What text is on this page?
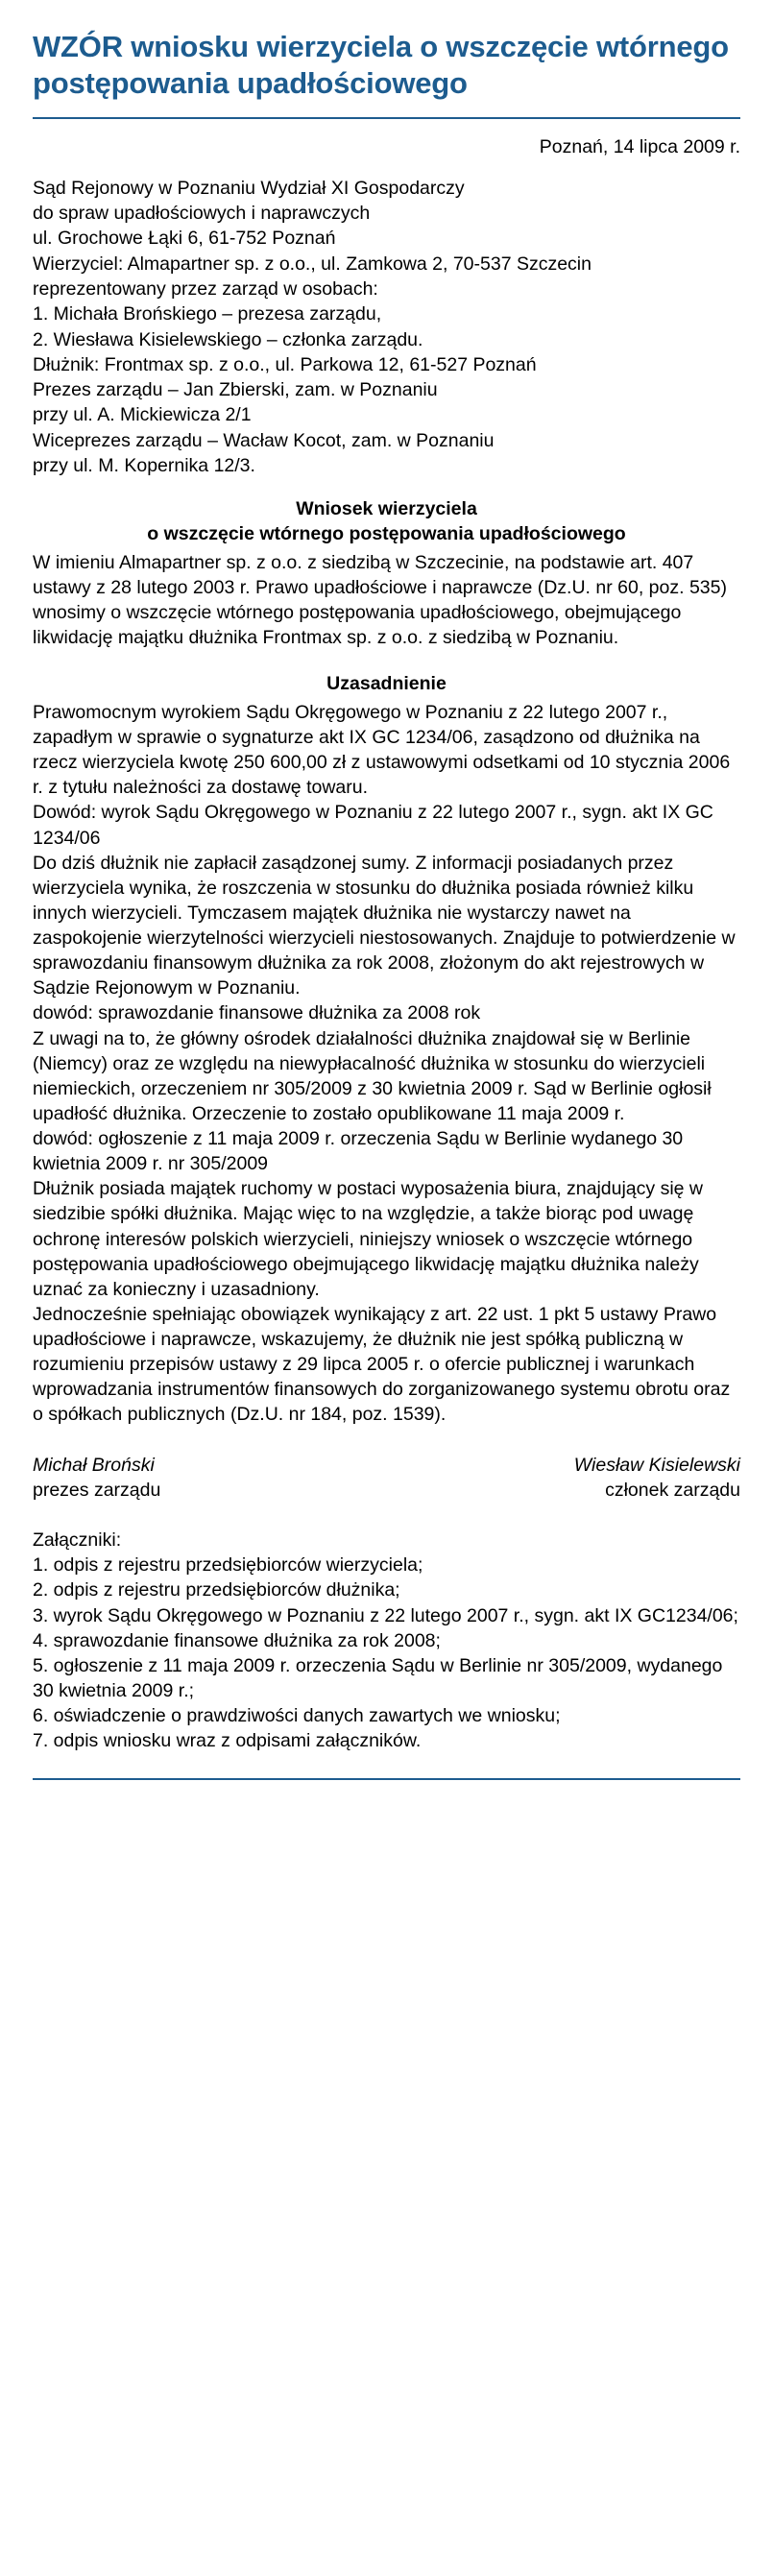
WZÓR wniosku wierzyciela o wszczęcie wtórnego postępowania upadłościowego
Poznań, 14 lipca 2009 r.

Sąd Rejonowy w Poznaniu Wydział XI Gospodarczy

do spraw upadłościowych i naprawczych

ul. Grochowe Łąki 6, 61-752 Poznań

Wierzyciel: Almapartner sp. z o.o., ul. Zamkowa 2, 70-537 Szczecin

reprezentowany przez zarząd w osobach:

1. Michała Brońskiego – prezesa zarządu,

2. Wiesława Kisielewskiego – członka zarządu.

Dłużnik: Frontmax sp. z o.o., ul. Parkowa 12, 61-527 Poznań

Prezes zarządu – Jan Zbierski, zam. w Poznaniu

przy ul. A. Mickiewicza 2/1

Wiceprezes zarządu – Wacław Kocot, zam. w Poznaniu

przy ul. M. Kopernika 12/3.

Wniosek wierzyciela
o wszczęcie wtórnego postępowania upadłościowego

W imieniu Almapartner sp. z o.o. z siedzibą w Szczecinie, na podstawie art. 407 ustawy z 28 lutego 2003 r. Prawo upadłościowe i naprawcze (Dz.U. nr 60, poz. 535) wnosimy o wszczęcie wtórnego postępowania upadłościowego, obejmującego likwidację majątku dłużnika Frontmax sp. z o.o. z siedzibą w Poznaniu.

Uzasadnienie

Prawomocnym wyrokiem Sądu Okręgowego w Poznaniu z 22 lutego 2007 r., zapadłym w sprawie o sygnaturze akt IX GC 1234/06, zasądzono od dłużnika na rzecz wierzyciela kwotę 250 600,00 zł z ustawowymi odsetkami od 10 stycznia 2006 r. z tytułu należności za dostawę towaru.

Dowód: wyrok Sądu Okręgowego w Poznaniu z 22 lutego 2007 r., sygn. akt IX GC 1234/06

Do dziś dłużnik nie zapłacił zasądzonej sumy. Z informacji posiadanych przez wierzyciela wynika, że roszczenia w stosunku do dłużnika posiada również kilku innych wierzycieli. Tymczasem majątek dłużnika nie wystarczy nawet na zaspokojenie wierzytelności wierzycieli niestosowanych. Znajduje to potwierdzenie w sprawozdaniu finansowym dłużnika za rok 2008, złożonym do akt rejestrowych w Sądzie Rejonowym w Poznaniu.

dowód: sprawozdanie finansowe dłużnika za 2008 rok

Z uwagi na to, że główny ośrodek działalności dłużnika znajdował się w Berlinie (Niemcy) oraz ze względu na niewypłacalność dłużnika w stosunku do wierzycieli niemieckich, orzeczeniem nr 305/2009 z 30 kwietnia 2009 r. Sąd w Berlinie ogłosił upadłość dłużnika. Orzeczenie to zostało opublikowane 11 maja 2009 r.

dowód: ogłoszenie z 11 maja 2009 r. orzeczenia Sądu w Berlinie wydanego 30 kwietnia 2009 r. nr 305/2009

Dłużnik posiada majątek ruchomy w postaci wyposażenia biura, znajdujący się w siedzibie spółki dłużnika. Mając więc to na względzie, a także biorąc pod uwagę ochronę interesów polskich wierzycieli, niniejszy wniosek o wszczęcie wtórnego postępowania upadłościowego obejmującego likwidację majątku dłużnika należy uznać za konieczny i uzasadniony.

Jednocześnie spełniając obowiązek wynikający z art. 22 ust. 1 pkt 5 ustawy Prawo upadłościowe i naprawcze, wskazujemy, że dłużnik nie jest spółką publiczną w rozumieniu przepisów ustawy z 29 lipca 2005 r. o ofercie publicznej i warunkach wprowadzania instrumentów finansowych do zorganizowanego systemu obrotu oraz o spółkach publicznych (Dz.U. nr 184, poz. 1539).

Michał Broński
prezes zarządu
Wiesław Kisielewski
członek zarządu

Załączniki:

1. odpis z rejestru przedsiębiorców wierzyciela;

2. odpis z rejestru przedsiębiorców dłużnika;

3. wyrok Sądu Okręgowego w Poznaniu z 22 lutego 2007 r., sygn. akt IX GC1234/06;

4. sprawozdanie finansowe dłużnika za rok 2008;

5. ogłoszenie z 11 maja 2009 r. orzeczenia Sądu w Berlinie nr 305/2009, wydanego 30 kwietnia 2009 r.;

6. oświadczenie o prawdziwości danych zawartych we wniosku;

7. odpis wniosku wraz z odpisami załączników.
